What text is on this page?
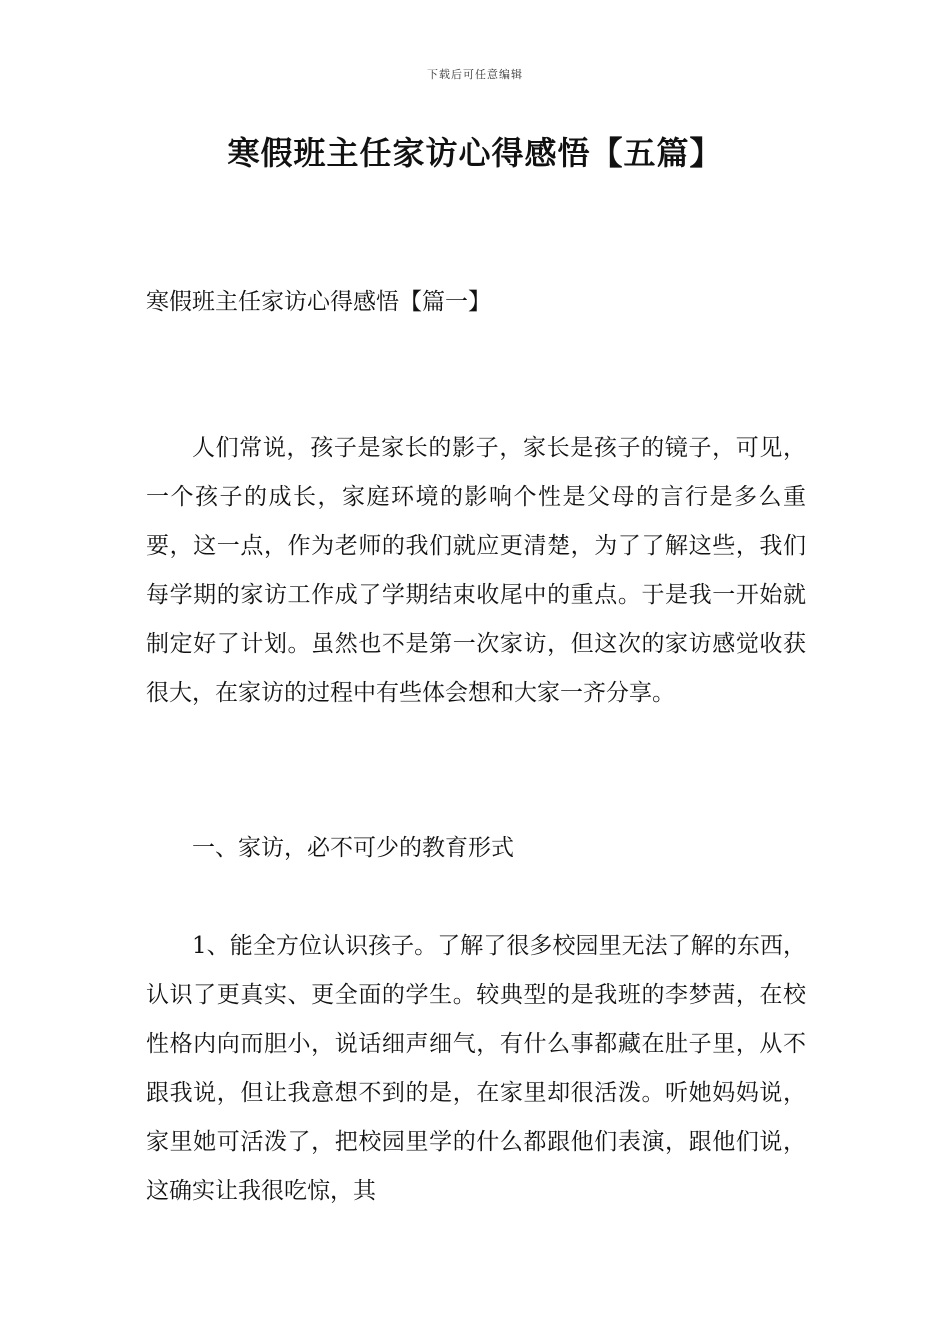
下载后可任意编辑
寒假班主任家访心得感悟【五篇】
寒假班主任家访心得感悟【篇一】

人们常说，孩子是家长的影子，家长是孩子的镜子，可见，一个孩子的成长，家庭环境的影响个性是父母的言行是多么重要，这一点，作为老师的我们就应更清楚，为了了解这些，我们每学期的家访工作成了学期结束收尾中的重点。于是我一开始就制定好了计划。虽然也不是第一次家访，但这次的家访感觉收获很大，在家访的过程中有些体会想和大家一齐分享。

一、家访，必不可少的教育形式

1、能全方位认识孩子。了解了很多校园里无法了解的东西，认识了更真实、更全面的学生。较典型的是我班的李梦茜，在校性格内向而胆小，说话细声细气，有什么事都藏在肚子里，从不跟我说，但让我意想不到的是，在家里却很活泼。听她妈妈说，家里她可活泼了，把校园里学的什么都跟他们表演，跟他们说，这确实让我很吃惊，其
